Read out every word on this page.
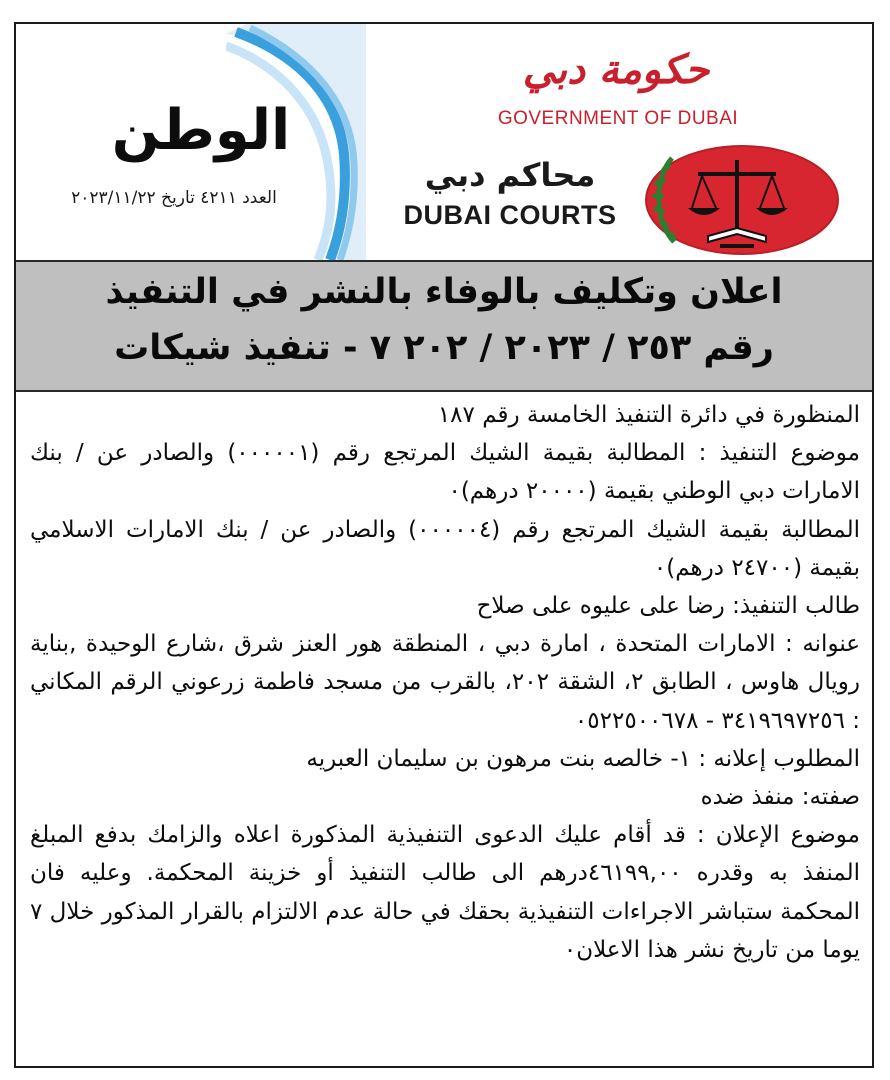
الوطن
العدد ٤٢١١ تاريخ ٢٠٢٣/١١/٢٢
حكومة دبي
GOVERNMENT OF DUBAI
محاكم دبي
DUBAI COURTS
اعلان وتكليف بالوفاء بالنشر في التنفيذ
رقم ٢٥٣ / ٢٠٢٣ / ٢٠٢ ٧ - تنفيذ شيكات

المنظورة في دائرة التنفيذ الخامسة رقم ١٨٧

موضوع التنفيذ : المطالبة بقيمة الشيك المرتجع رقم (٠٠٠٠٠١) والصادر عن / بنك الامارات دبي الوطني بقيمة (٢٠٠٠٠ درهم)٠

المطالبة بقيمة الشيك المرتجع رقم (٠٠٠٠٠٤) والصادر عن / بنك الامارات الاسلامي بقيمة (٢٤٧٠٠ درهم)٠

طالب التنفيذ: رضا على عليوه على صلاح

عنوانه : الامارات المتحدة ، امارة دبي ، المنطقة هور العنز شرق ،شارع الوحيدة ,بناية رويال هاوس ، الطابق ٢، الشقة ٢٠٢، بالقرب من مسجد فاطمة زرعوني الرقم المكاني : ٣٤١٩٦٩٧٢٥٦ - ٠٥٢٢٥٠٠٦٧٨

المطلوب إعلانه : ١- خالصه بنت مرهون بن سليمان العبريه

صفته: منفذ ضده

موضوع الإعلان : قد أقام عليك الدعوى التنفيذية المذكورة اعلاه والزامك بدفع المبلغ المنفذ به وقدره ٤٦١٩٩,٠٠درهم الى طالب التنفيذ أو خزينة المحكمة. وعليه فان المحكمة ستباشر الاجراءات التنفيذية بحقك في حالة عدم الالتزام بالقرار المذكور خلال ٧ يوما من تاريخ نشر هذا الاعلان٠
